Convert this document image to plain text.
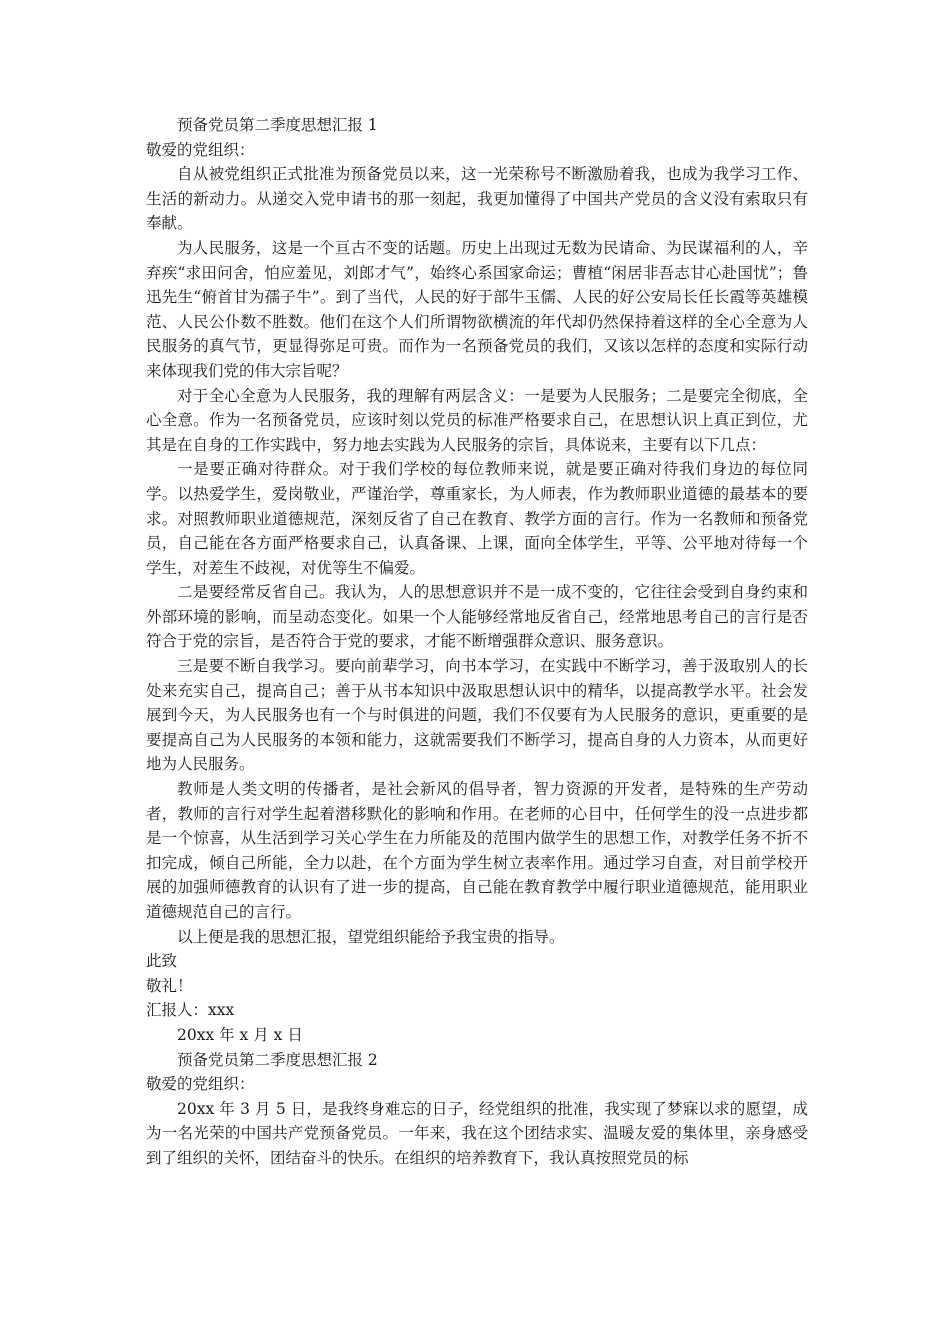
预备党员第二季度思想汇报 1

敬爱的党组织：

自从被党组织正式批准为预备党员以来，这一光荣称号不断激励着我，也成为我学习工作、生活的新动力。从递交入党申请书的那一刻起，我更加懂得了中国共产党员的含义没有索取只有奉献。

为人民服务，这是一个亘古不变的话题。历史上出现过无数为民请命、为民谋福利的人，辛弃疾“求田问舍，怕应羞见，刘郎才气”，始终心系国家命运；曹植“闲居非吾志甘心赴国忧”；鲁迅先生“俯首甘为孺子牛”。到了当代，人民的好于部牛玉儒、人民的好公安局长任长霞等英雄模范、人民公仆数不胜数。他们在这个人们所谓物欲横流的年代却仍然保持着这样的全心全意为人民服务的真气节，更显得弥足可贵。而作为一名预备党员的我们，又该以怎样的态度和实际行动来体现我们党的伟大宗旨呢？

对于全心全意为人民服务，我的理解有两层含义：一是要为人民服务；二是要完全彻底，全心全意。作为一名预备党员，应该时刻以党员的标准严格要求自己，在思想认识上真正到位，尤其是在自身的工作实践中，努力地去实践为人民服务的宗旨，具体说来，主要有以下几点：

一是要正确对待群众。对于我们学校的每位教师来说，就是要正确对待我们身边的每位同学。以热爱学生，爱岗敬业，严谨治学，尊重家长，为人师表，作为教师职业道德的最基本的要求。对照教师职业道德规范，深刻反省了自己在教育、教学方面的言行。作为一名教师和预备党员，自己能在各方面严格要求自己，认真备课、上课，面向全体学生，平等、公平地对待每一个学生，对差生不歧视，对优等生不偏爱。

二是要经常反省自己。我认为，人的思想意识并不是一成不变的，它往往会受到自身约束和外部环境的影响，而呈动态变化。如果一个人能够经常地反省自己，经常地思考自己的言行是否符合于党的宗旨，是否符合于党的要求，才能不断增强群众意识、服务意识。

三是要不断自我学习。要向前辈学习，向书本学习，在实践中不断学习，善于汲取别人的长处来充实自己，提高自己；善于从书本知识中汲取思想认识中的精华，以提高教学水平。社会发展到今天，为人民服务也有一个与时俱进的问题，我们不仅要有为人民服务的意识，更重要的是要提高自己为人民服务的本领和能力，这就需要我们不断学习，提高自身的人力资本，从而更好地为人民服务。

教师是人类文明的传播者，是社会新风的倡导者，智力资源的开发者，是特殊的生产劳动者，教师的言行对学生起着潜移默化的影响和作用。在老师的心目中，任何学生的没一点进步都是一个惊喜，从生活到学习关心学生在力所能及的范围内做学生的思想工作，对教学任务不折不扣完成，倾自己所能，全力以赴，在个方面为学生树立表率作用。通过学习自查，对目前学校开展的加强师德教育的认识有了进一步的提高，自己能在教育教学中履行职业道德规范，能用职业道德规范自己的言行。

以上便是我的思想汇报，望党组织能给予我宝贵的指导。

此致

敬礼！

汇报人：xxx

20xx 年 x 月 x 日

预备党员第二季度思想汇报 2

敬爱的党组织：

20xx 年 3 月 5 日，是我终身难忘的日子，经党组织的批准，我实现了梦寐以求的愿望，成为一名光荣的中国共产党预备党员。一年来，我在这个团结求实、温暖友爱的集体里，亲身感受到了组织的关怀，团结奋斗的快乐。在组织的培养教育下，我认真按照党员的标
